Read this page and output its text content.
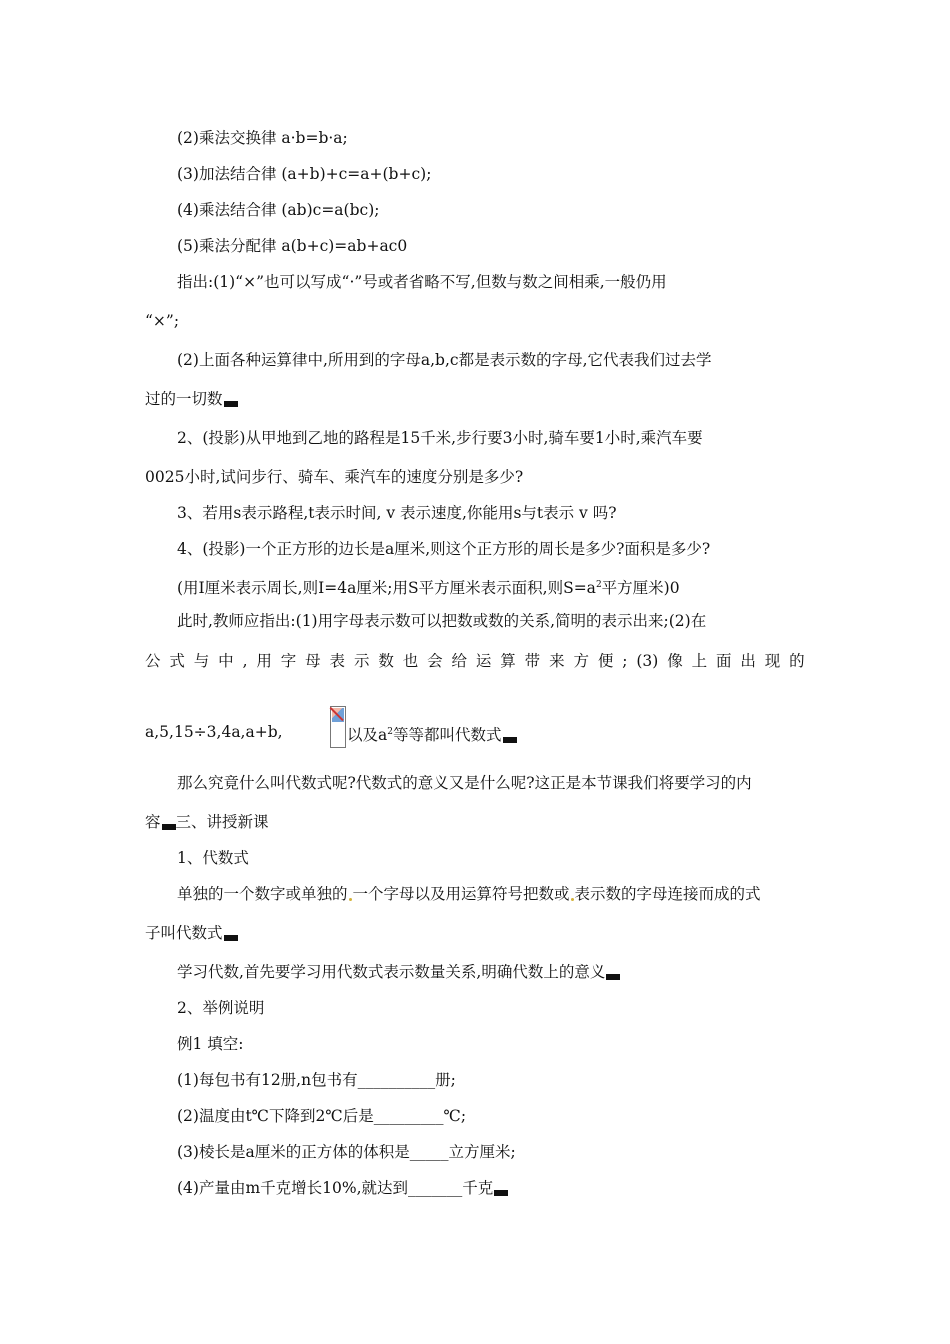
(2)乘法交换律 a·b=b·a;
(3)加法结合律 (a+b)+c=a+(b+c);
(4)乘法结合律 (ab)c=a(bc);
(5)乘法分配律 a(b+c)=ab+ac0
指出:(1)“×”也可以写成“·”号或者省略不写,但数与数之间相乘,一般仍用
“×”;
(2)上面各种运算律中,所用到的字母a,b,c都是表示数的字母,它代表我们过去学
过的一切数
2、(投影)从甲地到乙地的路程是15千米,步行要3小时,骑车要1小时,乘汽车要
0025小时,试问步行、骑车、乘汽车的速度分别是多少?
3、若用s表示路程,t表示时间, v 表示速度,你能用s与t表示 v 吗?
4、(投影)一个正方形的边长是a厘米,则这个正方形的周长是多少?面积是多少?
(用I厘米表示周长,则I=4a厘米;用S平方厘米表示面积,则$S=a^2$平方厘米)0
此时,教师应指出:(1)用字母表示数可以把数或数的关系,简明的表示出来;(2)在
公 式 与 中 , 用 字 母 表 示 数 也 会 给 运 算 带 来 方 便 ; (3) 像 上 面 出 现 的
a,5,15÷3,4a,a+b,	以及$a^2$等等都叫代数式
那么究竟什么叫代数式呢?代数式的意义又是什么呢?这正是本节课我们将要学习的内
容 三、讲授新课
1、代数式
单独的一个数字或单独的 一个字母以及用运算符号把数或 表示数的字母连接而成的式
子叫代数式
学习代数,首先要学习用代数式表示数量关系,明确代数上的意义
2、举例说明
例1 填空:
(1)每包书有12册,n包书有__________册;
(2)温度由t℃下降到2℃后是_________℃;
(3)棱长是a厘米的正方体的体积是_____立方厘米;
(4)产量由m千克增长10%,就达到_______千克
